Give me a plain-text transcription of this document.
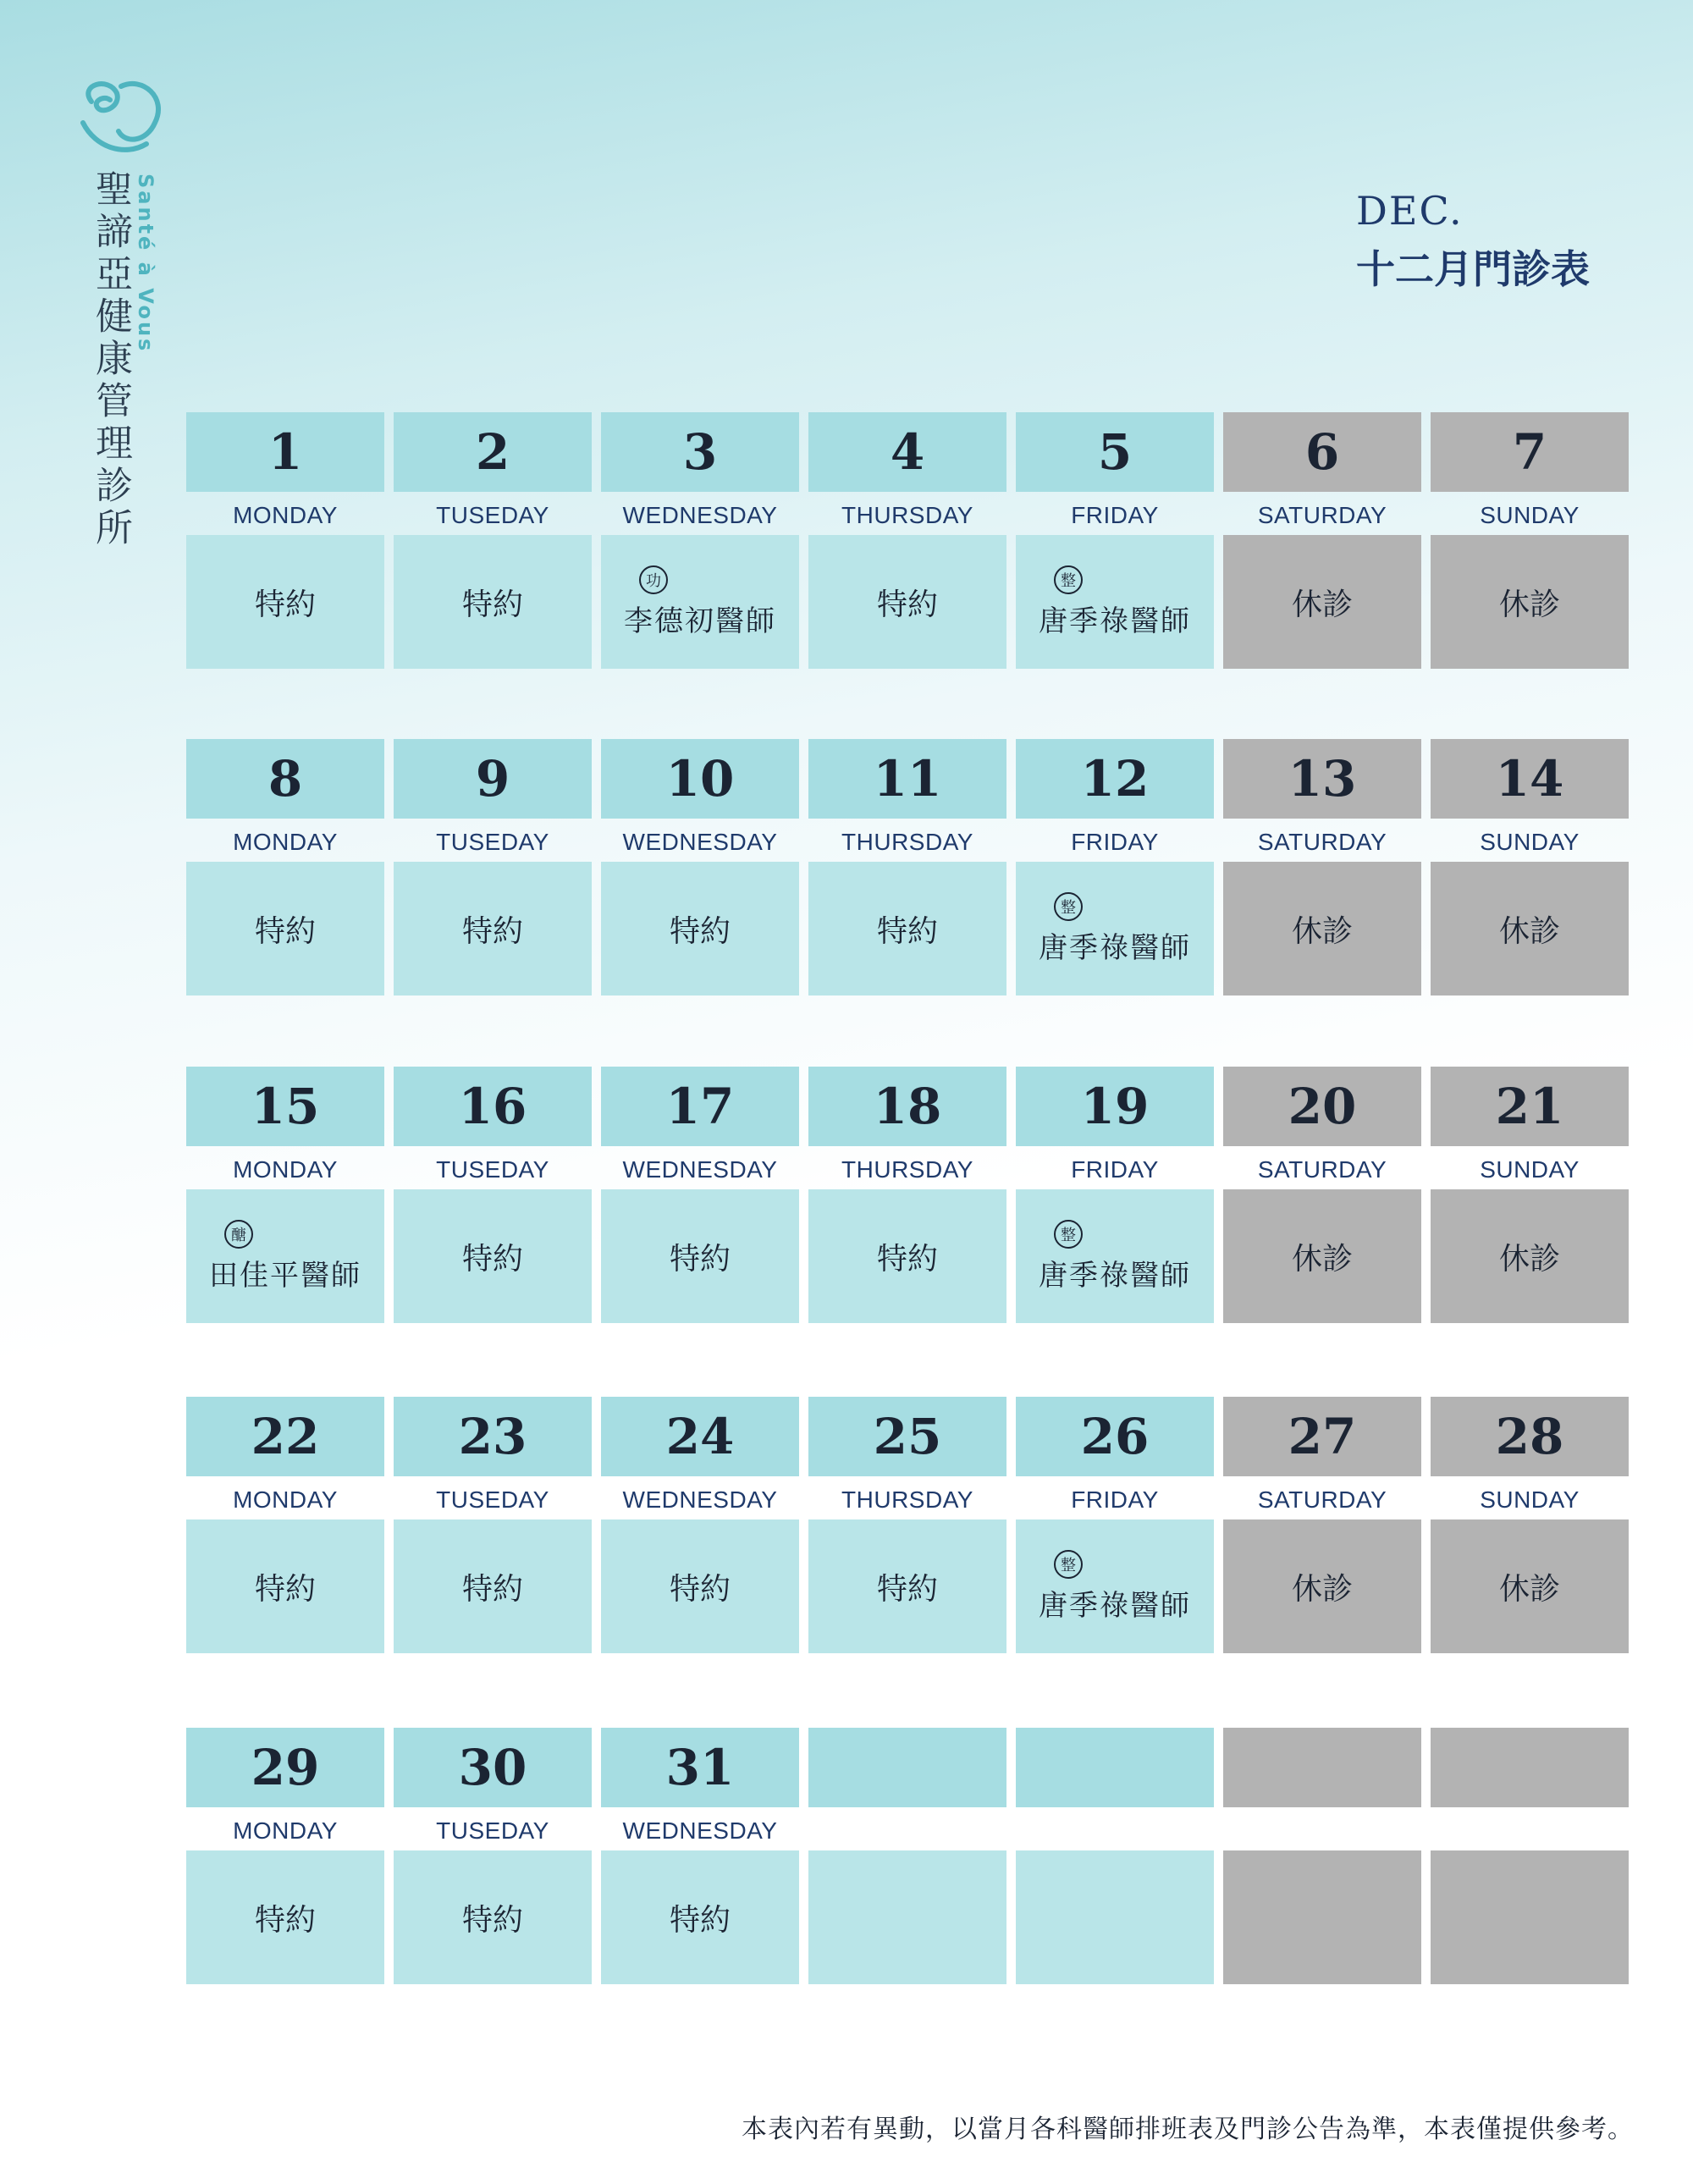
聖諦亞健康管理診所 Santé à Vous	DEC.
十二月門診表
1
MONDAY
特約
2
TUSEDAY
特約
3
WEDNESDAY
功
李德初醫師
4
THURSDAY
特約
5
FRIDAY
整
唐季祿醫師
6
SATURDAY
休診
7
SUNDAY
休診
8
MONDAY
特約
9
TUSEDAY
特約
10
WEDNESDAY
特約
11
THURSDAY
特約
12
FRIDAY
整
唐季祿醫師
13
SATURDAY
休診
14
SUNDAY
休診
15
MONDAY
醣
田佳平醫師
16
TUSEDAY
特約
17
WEDNESDAY
特約
18
THURSDAY
特約
19
FRIDAY
整
唐季祿醫師
20
SATURDAY
休診
21
SUNDAY
休診
22
MONDAY
特約
23
TUSEDAY
特約
24
WEDNESDAY
特約
25
THURSDAY
特約
26
FRIDAY
整
唐季祿醫師
27
SATURDAY
休診
28
SUNDAY
休診
29
MONDAY
特約
30
TUSEDAY
特約
31
WEDNESDAY
特約
本表內若有異動，以當月各科醫師排班表及門診公告為準，本表僅提供參考。
